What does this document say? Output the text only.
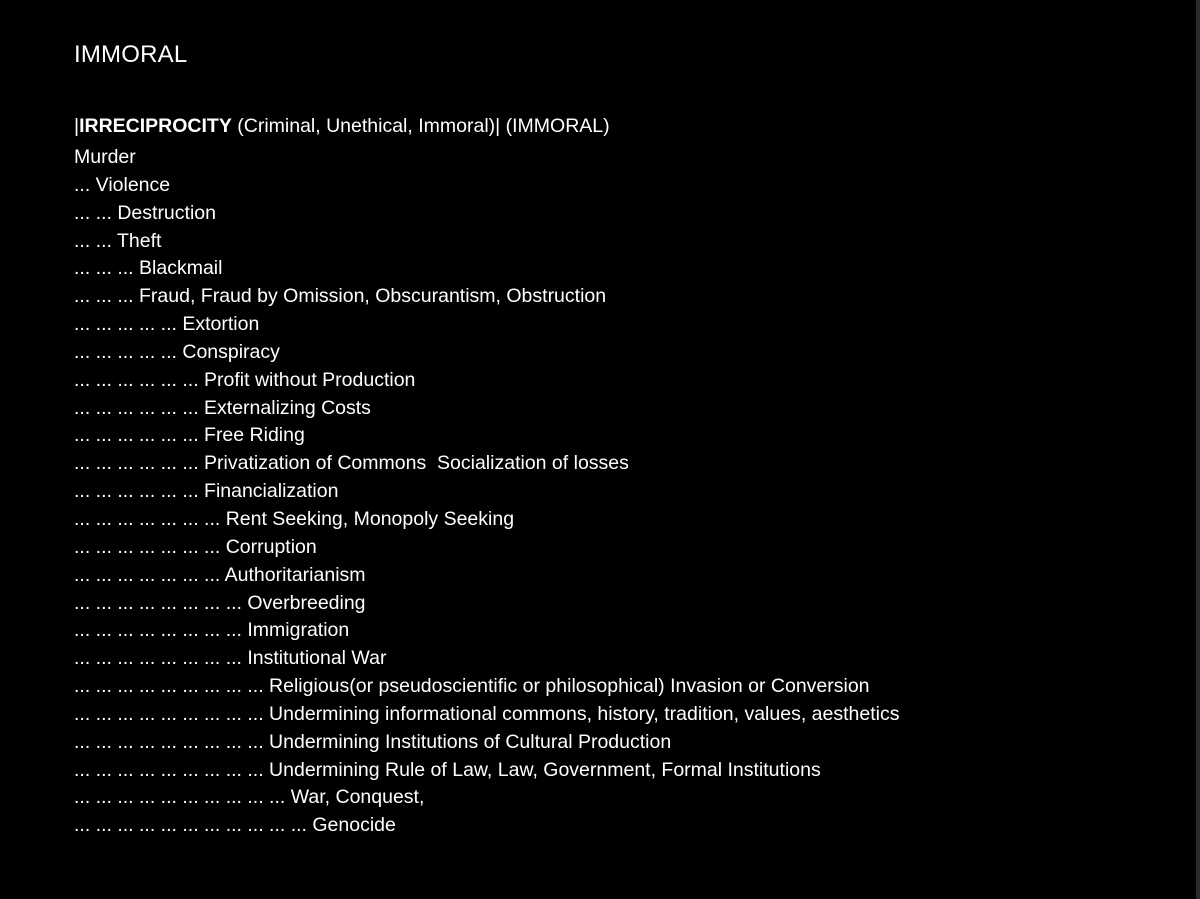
IMMORAL
|IRRECIPROCITY (Criminal, Unethical, Immoral)| (IMMORAL)
Murder
... Violence
... ... Destruction
... ... Theft
... ... ... Blackmail
... ... ... Fraud, Fraud by Omission, Obscurantism, Obstruction
... ... ... ... ... Extortion
... ... ... ... ... Conspiracy
... ... ... ... ... ... Profit without Production
... ... ... ... ... ... Externalizing Costs
... ... ... ... ... ... Free Riding
... ... ... ... ... ... Privatization of Commons  Socialization of losses
... ... ... ... ... ... Financialization
... ... ... ... ... ... ... Rent Seeking, Monopoly Seeking
... ... ... ... ... ... ... Corruption
... ... ... ... ... ... ... Authoritarianism
... ... ... ... ... ... ... ... Overbreeding
... ... ... ... ... ... ... ... Immigration
... ... ... ... ... ... ... ... Institutional War
... ... ... ... ... ... ... ... ... Religious(or pseudoscientific or philosophical) Invasion or Conversion
... ... ... ... ... ... ... ... ... Undermining informational commons, history, tradition, values, aesthetics
... ... ... ... ... ... ... ... ... Undermining Institutions of Cultural Production
... ... ... ... ... ... ... ... ... Undermining Rule of Law, Law, Government, Formal Institutions
... ... ... ... ... ... ... ... ... ... War, Conquest,
... ... ... ... ... ... ... ... ... ... ... Genocide
